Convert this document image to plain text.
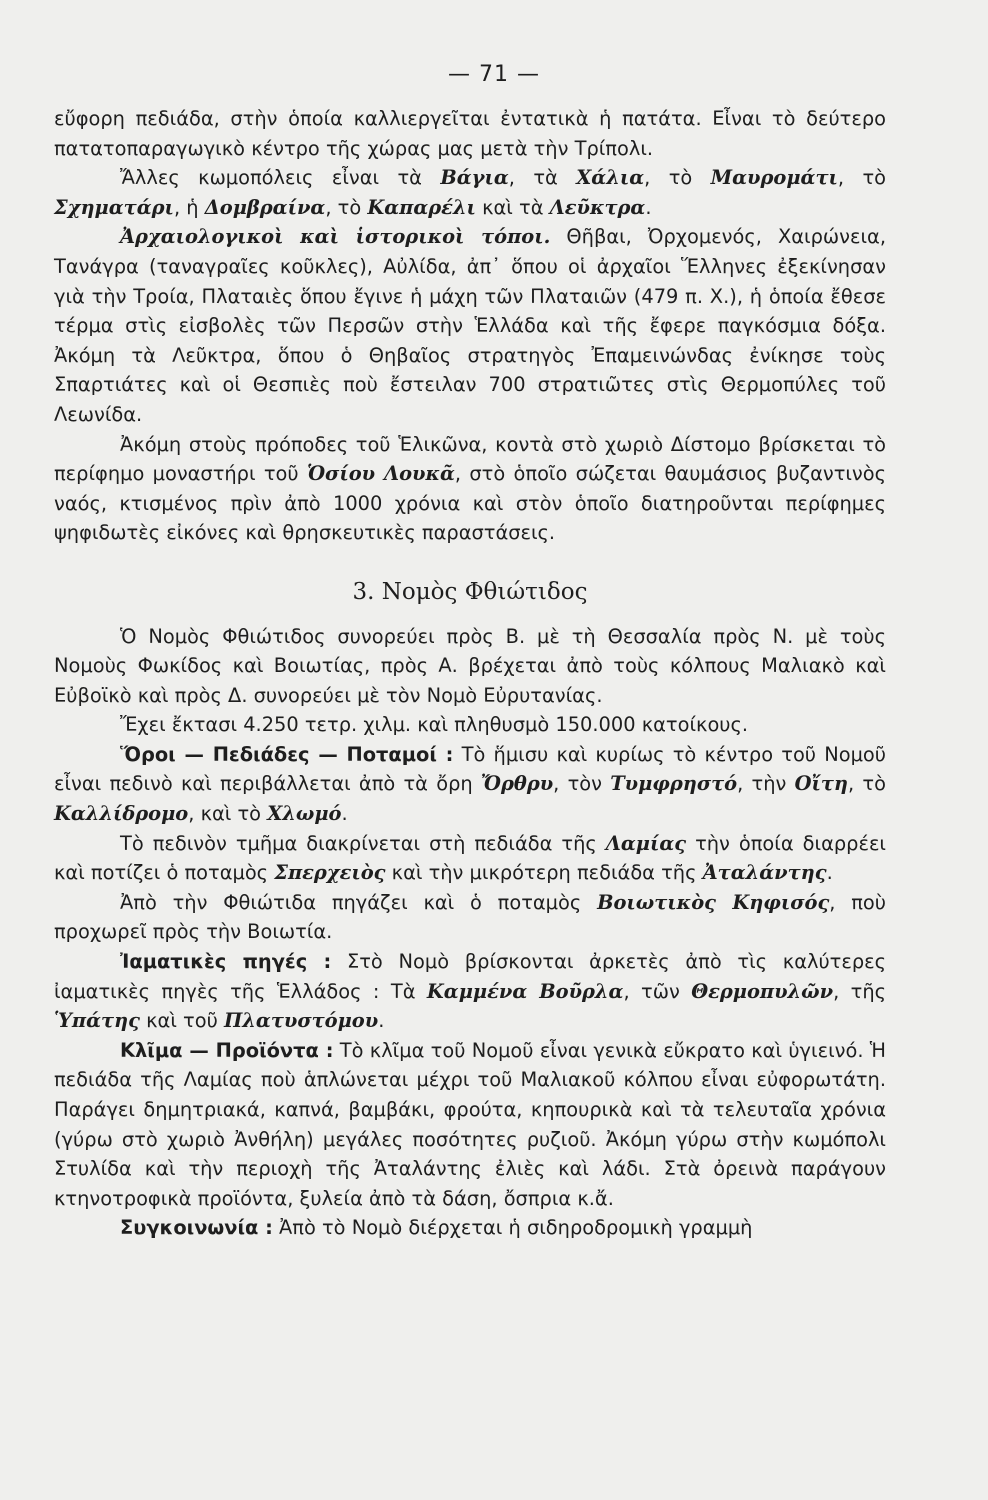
— 71 —

εὔφορη πεδιάδα, στὴν ὁποία καλλιεργεῖται ἐντατικὰ ἡ πατάτα. Εἶναι τὸ δεύτερο πατατοπαραγωγικὸ κέντρο τῆς χώρας μας μετὰ τὴν Τρίπολι.

Ἄλλες κωμοπόλεις εἶναι τὰ Βάγια, τὰ Χάλια, τὸ Μαυρομάτι, τὸ Σχηματάρι, ἡ Δομβραίνα, τὸ Καπαρέλι καὶ τὰ Λεῦκτρα.

Ἀρχαιολογικοὶ καὶ ἱστορικοὶ τόποι. Θῆβαι, Ὀρχομενός, Χαιρώνεια, Τανάγρα (ταναγραῖες κοῦκλες), Αὐλίδα, ἀπ᾿ ὅπου οἱ ἀρχαῖοι Ἕλληνες ἐξεκίνησαν γιὰ τὴν Τροία, Πλαταιὲς ὅπου ἔγινε ἡ μάχη τῶν Πλαταιῶν (479 π. Χ.), ἡ ὁποία ἔθεσε τέρμα στὶς εἰσβολὲς τῶν Περσῶν στὴν Ἑλλάδα καὶ τῆς ἔφερε παγκόσμια δόξα. Ἀκόμη τὰ Λεῦκτρα, ὅπου ὁ Θηβαῖος στρατηγὸς Ἐπαμεινώνδας ἐνίκησε τοὺς Σπαρτιάτες καὶ οἱ Θεσπιὲς ποὺ ἔστειλαν 700 στρατιῶτες στὶς Θερμοπύλες τοῦ Λεωνίδα.

Ἀκόμη στοὺς πρόποδες τοῦ Ἑλικῶνα, κοντὰ στὸ χωριὸ Δίστομο βρίσκεται τὸ περίφημο μοναστήρι τοῦ Ὁσίου Λουκᾶ, στὸ ὁποῖο σώζεται θαυμάσιος βυζαντινὸς ναός, κτισμένος πρὶν ἀπὸ 1000 χρόνια καὶ στὸν ὁποῖο διατηροῦνται περίφημες ψηφιδωτὲς εἰκόνες καὶ θρησκευτικὲς παραστάσεις.

3. Νομὸς Φθιώτιδος

Ὁ Νομὸς Φθιώτιδος συνορεύει πρὸς Β. μὲ τὴ Θεσσαλία πρὸς Ν. μὲ τοὺς Νομοὺς Φωκίδος καὶ Βοιωτίας, πρὸς Α. βρέχεται ἀπὸ τοὺς κόλπους Μαλιακὸ καὶ Εὐβοϊκὸ καὶ πρὸς Δ. συνορεύει μὲ τὸν Νομὸ Εὐρυτανίας.

Ἔχει ἔκτασι 4.250 τετρ. χιλμ. καὶ πληθυσμὸ 150.000 κατοίκους.

Ὅροι — Πεδιάδες — Ποταμοί : Τὸ ἥμισυ καὶ κυρίως τὸ κέντρο τοῦ Νομοῦ εἶναι πεδινὸ καὶ περιβάλλεται ἀπὸ τὰ ὄρη Ὄρθρυ, τὸν Τυμφρηστό, τὴν Οἴτη, τὸ Καλλίδρομο, καὶ τὸ Χλωμό.

Τὸ πεδινὸν τμῆμα διακρίνεται στὴ πεδιάδα τῆς Λαμίας τὴν ὁποία διαρρέει καὶ ποτίζει ὁ ποταμὸς Σπερχειὸς καὶ τὴν μικρότερη πεδιάδα τῆς Ἀταλάντης.

Ἀπὸ τὴν Φθιώτιδα πηγάζει καὶ ὁ ποταμὸς Βοιωτικὸς Κηφισός, ποὺ προχωρεῖ πρὸς τὴν Βοιωτία.

Ἰαματικὲς πηγές : Στὸ Νομὸ βρίσκονται ἀρκετὲς ἀπὸ τὶς καλύτερες ἰαματικὲς πηγὲς τῆς Ἑλλάδος : Τὰ Καμμένα Βοῦρλα, τῶν Θερμοπυλῶν, τῆς Ὑπάτης καὶ τοῦ Πλατυστόμου.

Κλῖμα — Προϊόντα : Τὸ κλῖμα τοῦ Νομοῦ εἶναι γενικὰ εὔκρατο καὶ ὑγιεινό. Ἡ πεδιάδα τῆς Λαμίας ποὺ ἁπλώνεται μέχρι τοῦ Μαλιακοῦ κόλπου εἶναι εὐφορωτάτη. Παράγει δημητριακά, καπνά, βαμβάκι, φρούτα, κηπουρικὰ καὶ τὰ τελευταῖα χρόνια (γύρω στὸ χωριὸ Ἀνθήλη) μεγάλες ποσότητες ρυζιοῦ. Ἀκόμη γύρω στὴν κωμόπολι Στυλίδα καὶ τὴν περιοχὴ τῆς Ἀταλάντης ἐλιὲς καὶ λάδι. Στὰ ὀρεινὰ παράγουν κτηνοτροφικὰ προϊόντα, ξυλεία ἀπὸ τὰ δάση, ὄσπρια κ.ἄ.

Συγκοινωνία : Ἀπὸ τὸ Νομὸ διέρχεται ἡ σιδηροδρομικὴ γραμμὴ
